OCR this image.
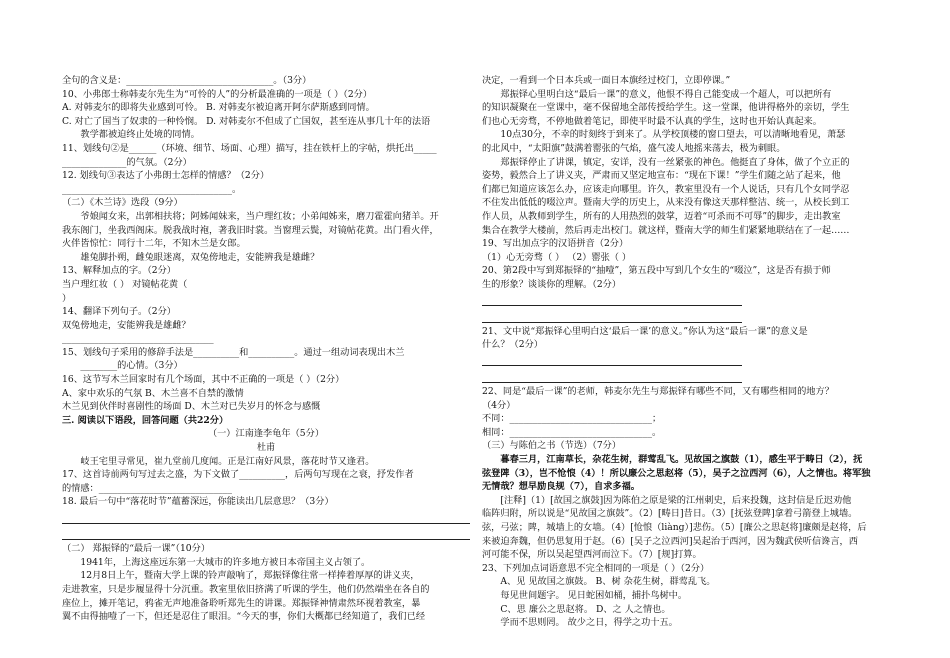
全句的含义是：________________________________。（3分）
10、小弗郎士称韩麦尔先生为“可怜的人”的分析最准确的一项是（ ）（2分）
A. 对韩麦尔的即将失业感到可怜。 B. 对韩麦尔被迫离开阿尔萨斯感到同情。
C. 对亡了国当了奴隶的一种怜悯。 D. 对韩麦尔不但成了亡国奴，甚至连从事几十年的法语
教学都被迫终止处境的同情。
11、划线句②是______（环境、细节、场面、心理）描写，挂在铁杆上的字帖，烘托出_____
______________的气氛。（2分）
12. 划线句③表达了小弗朗士怎样的情感？（2分）
_____________________________________。
（二）《木兰诗》选段（9分）
爷娘闻女来，出郭相扶将；阿姊闻妹来，当户理红妆；小弟闻姊来，磨刀霍霍向猪羊。开
我东阁门，坐我西阁床。脱我战时袍，著我旧时裳。当窗理云鬓，对镜帖花黄。出门看火伴，
火伴皆惊忙：同行十二年，不知木兰是女郎。
雄兔脚扑朔，雌兔眼迷离，双兔傍地走，安能辨我是雄雌？
13、解释加点的字。（2分）
当户理红妆（ ） 对镜帖花黄（
）
14、翻译下列句子。（2分）
双兔傍地走，安能辨我是雄雌？
_________________________________
15、划线句子采用的修辞手法是__________和__________。通过一组动词表现出木兰
________的心情。（3分）
16、这节写木兰回家时有几个场面，其中不正确的一项是（ ）（2分）
A、家中欢乐的气氛 B、木兰喜不自禁的激情
木兰见到伙伴时喜剧性的场面 D、木兰对已失岁月的怀念与感慨
三. 阅读以下语段，回答问题（共22分）
（一）江南逢李龟年（5分）
杜甫
岐王宅里寻常见，崔九堂前几度闻。正是江南好风景，落花时节又逢君。
17、这首诗前两句写过去之盛，为下文做了__________，后两句写现在之衰，抒发作者
的情感：_____________________________
18. 最后一句中“落花时节”蕴蓄深远，你能读出几层意思？（3分）
（二） 郑振铎的“最后一课”（10分）
1941年，上海这座远东第一大城市的许多地方被日本帝国主义占领了。
12月8日上午，暨南大学上课的铃声敲响了，郑振铎像往常一样捧着厚厚的讲义夹，
走进教室，只是步履显得十分沉重。教室里依旧挤满了听课的学生，他们仍然端坐在各自的
座位上，摊开笔记，鸦雀无声地准备聆听郑先生的讲课。郑振铎神情肃然环视着教室，暴
翼不由得抽噎了一下，但还是忍住了眼泪。“今天的事，你们大概都已经知道了，我们已经
决定，一看到一个日本兵或一面日本旗经过校门，立即停课。”
郑振铎心里明白这“最后一课”的意义，他恨不得自己能变成一个超人，可以把所有
的知识凝聚在一堂课中，毫不保留地全部传授给学生。这一堂课，他讲得格外的亲切，学生
们也心无旁骛，不停地做着笔记，即使平时最不认真的学生，这时也开始认真起来。
10点30分，不幸的时刻终于到来了。从学校顶楼的窗口望去，可以清晰地看见，萧瑟
的北风中，“太阳旗”鼓满着罂张的气焰，盛气凌人地摇来荡去，极为刺眼。
郑振铎停止了讲课，镇定，安详，没有一丝紧张的神色。他挺直了身体，做了个立正的
姿势，毅然合上了讲义夹，严肃而又坚定地宣布：“现在下课！”学生们随之站了起来，他
们都已知道应该怎么办，应该走向哪里。许久，教室里没有一个人说话，只有几个女同学忍
不住发出低低的啜泣声。暨南大学的历史上，从来没有像这天那样整洁、统一，从校长到工
作人员，从教师到学生，所有的人用热烈的鼓掌，迈着“可杀而不可辱”的脚步，走出教室
集合在教学大楼前，然后再走出校门。就这样，暨南大学的师生们紧紧地联结在了一起……
19、写出加点字的汉语拼音（2分）
（1）心无旁骛（ ） （2）罂张（ ）
20、第2段中写到郑振铎的“抽噎”，第五段中写到几个女生的“啜泣”，这是否有损于师
生的形象？谈谈你的理解。（2分）
21、文中说“郑振铎心里明白这‘最后一课’的意义。”你认为这“最后一课”的意义是
什么？（2分）
22、同是“最后一课”的老师，韩麦尔先生与郑振铎有哪些不同，又有哪些相同的地方？
（4分）
不同：_______________________________；
相同：_______________________________。
（三）与陈伯之书（节选）（7分）
暮春三月，江南草长，杂花生树，群莺乱飞。见故国之旗鼓（1），感生平于畴日（2），抚
弦登陴（3），岂不怆悢（4）！所以廉公之思赵将（5），吴子之泣西河（6），人之情也。将军独
无情哉？想早励良规（7），自求多福。
[注释]（1）[故国之旗鼓]因为陈伯之原是梁的江州刺史，后来投魏，这封信是丘迟劝他
临阵归附，所以说是“见故国之旗鼓”。（2）[畴日]昔日。（3）[抚弦登陴]拿着弓箭登上城墙。
弦，弓弦；陴，城墙上的女墙。（4）[怆悢（liàng）]悲伤。（5）[廉公之思赵将]廉颇是赵将，后
来被迫奔魏，但仍思复用于赵。（6）[吴子之泣西河]吴起治于西河，因为魏武侯听信谗言，西
河可能不保，所以吴起望西河而泣下。（7）[规]打算。
23、下列加点词语意思不完全相同的一项是（ ）（2分）
A、见 见故国之旗鼓。 B、树 杂花生树，群莺乱飞。
每见世间题字。 见日蛇困如桶，捕扑鸟树中。
C、思 廉公之思赵将。 D、之 人之情也。
学而不思则罔。 故少之日，得学之功十五。
